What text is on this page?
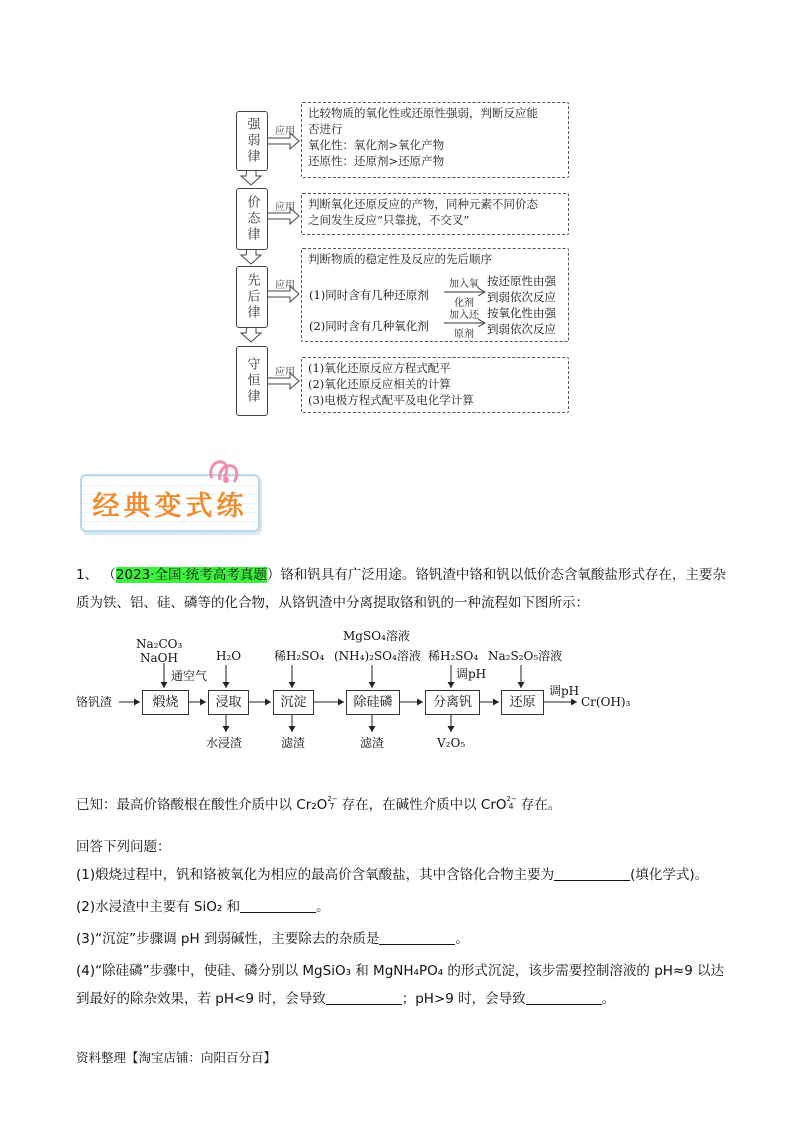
强弱律
价态律
先后律
守恒律
应用
应用
应用
应用
比较物质的氧化性或还原性强弱，判断反应能
否进行
氧化性：氧化剂>氧化产物
还原性：还原剂>还原产物
判断氧化还原反应的产物，同种元素不同价态
之间发生反应“只靠拢，不交叉”
判断物质的稳定性及反应的先后顺序
(1)同时含有几种还原剂
加入氧
化剂
按还原性由强
到弱依次反应
(2)同时含有几种氧化剂
加入还
原剂
按氧化性由强
到弱依次反应
(1)氧化还原反应方程式配平
(2)氧化还原反应相关的计算
(3)电极方程式配平及电化学计算
经典变式练
1、 （2023·全国·统考高考真题）铬和钒具有广泛用途。铬钒渣中铬和钒以低价态含氧酸盐形式存在，主要杂质为铁、铝、硅、磷等的化合物，从铬钒渣中分离提取铬和钒的一种流程如下图所示：
铬钒渣	煅烧	浸取	沉淀	除硅磷	分离钒	还原	Cr(OH)₃
Na₂CO₃
NaOH
通空气
H₂O	稀H₂SO₄
MgSO₄溶液
(NH₄)₂SO₄溶液 稀H₂SO₄
调pH
Na₂S₂O₅溶液
调pH
水浸渣	滤渣	滤渣	V₂O₅
已知：最高价铬酸根在酸性介质中以 Cr₂O 2−
7 存在，在碱性介质中以 CrO 2−
4 存在。
回答下列问题：
(1)煅烧过程中，钒和铬被氧化为相应的最高价含氧酸盐，其中含铬化合物主要为	(填化学式)。
(2)水浸渣中主要有 SiO₂ 和	。
(3)“沉淀”步骤调 pH 到弱碱性，主要除去的杂质是	。
(4)“除硅磷”步骤中，使硅、磷分别以 MgSiO₃ 和 MgNH₄PO₄ 的形式沉淀，该步需要控制溶液的 pH≈9 以达到最好的除杂效果，若 pH<9 时，会导致	；pH>9 时，会导致	。
资料整理【淘宝店铺：向阳百分百】
